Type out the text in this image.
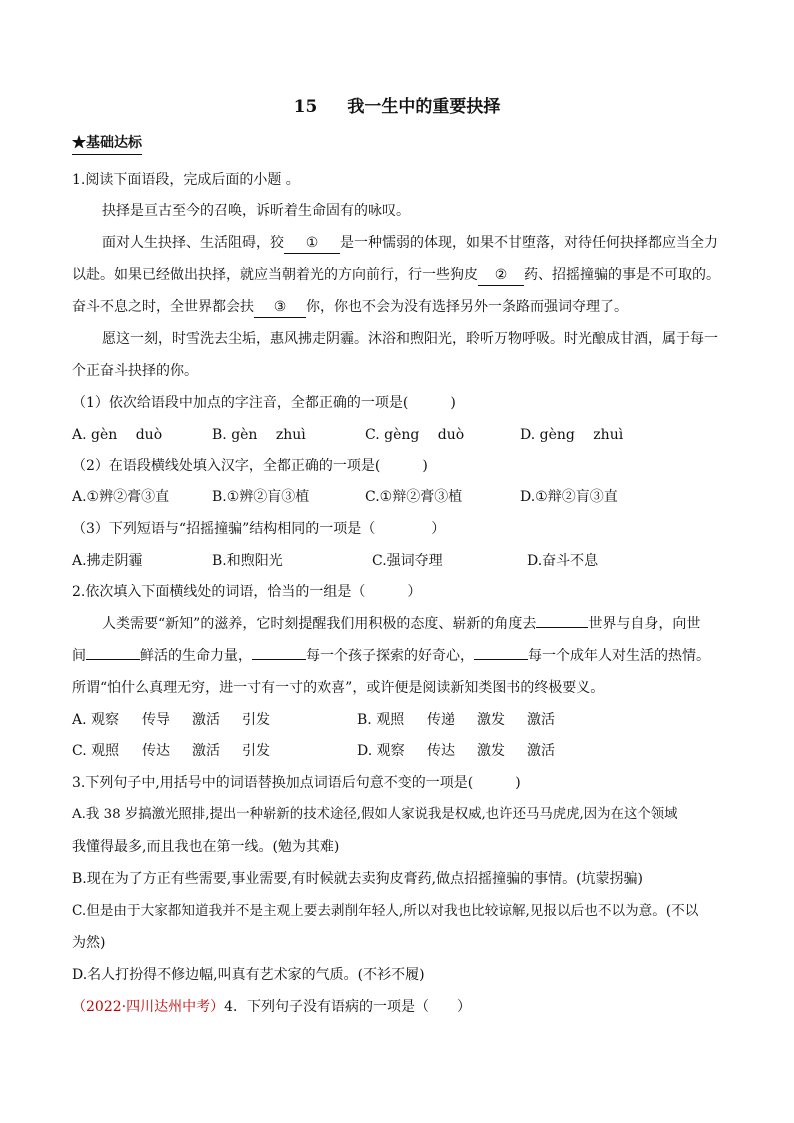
15 我一生中的重要抉择
★基础达标
1.阅读下面语段，完成后面的小题 。
抉择是亘古至今的召唤，诉昕着生命固有的咏叹。
面对人生抉择、生活阻碍，狡 ① 是一种懦弱的体现，如果不甘堕落，对待任何抉择都应当全力
以赴。如果已经做出抉择，就应当朝着光的方向前行，行一些狗皮 ② 药、招摇撞骗的事是不可取的。
奋斗不息之时，全世界都会扶 ③ 你，你也不会为没有选择另外一条路而强词夺理了。
愿这一刻，时雪洗去尘垢，惠风拂走阴霾。沐浴和煦阳光，聆听万物呼吸。时光酿成甘酒，属于每一
个正奋斗抉择的你。
（1）依次给语段中加点的字注音，全都正确的一项是(　　　)
A. gèn　 duò	B. gèn　 zhuì	C. gèng　 duò	D. gèng　 zhuì
（2）在语段横线处填入汉字，全都正确的一项是(　　　)
A.①辨②膏③直	B.①辨②肓③植	C.①辩②膏③植	D.①辩②肓③直
（3）下列短语与“招摇撞骗”结构相同的一项是（　　　　）
A.拂走阴霾	B.和煦阳光	C.强词夺理	D.奋斗不息
2.依次填入下面横线处的词语，恰当的一组是（　　　）
人类需要“新知”的滋养，它时刻提醒我们用积极的态度、崭新的角度去	世界与自身，向世
间	鲜活的生命力量，	每一个孩子探索的好奇心，	每一个成年人对生活的热情。
所谓“怕什么真理无穷，进一寸有一寸的欢喜”，或许便是阅读新知类图书的终极要义。
A. 观察 传导 激活 引发	B. 观照 传递 激发 激活
C. 观照 传达 激活 引发	D. 观察 传达 激发 激活
3.下列句子中,用括号中的词语替换加点词语后句意不变的一项是(　　　)
A.我 38 岁搞激光照排,提出一种崭新的技术途径,假如人家说我是权威,也许还马马虎虎,因为在这个领域
我懂得最多,而且我也在第一线。(勉为其难)
B.现在为了方正有些需要,事业需要,有时候就去卖狗皮膏药,做点招摇撞骗的事情。(坑蒙拐骗)
C.但是由于大家都知道我并不是主观上要去剥削年轻人,所以对我也比较谅解,见报以后也不以为意。(不以
为然)
D.名人打扮得不修边幅,叫真有艺术家的气质。(不衫不履)
（2022·四川达州中考）4．下列句子没有语病的一项是（　　）
